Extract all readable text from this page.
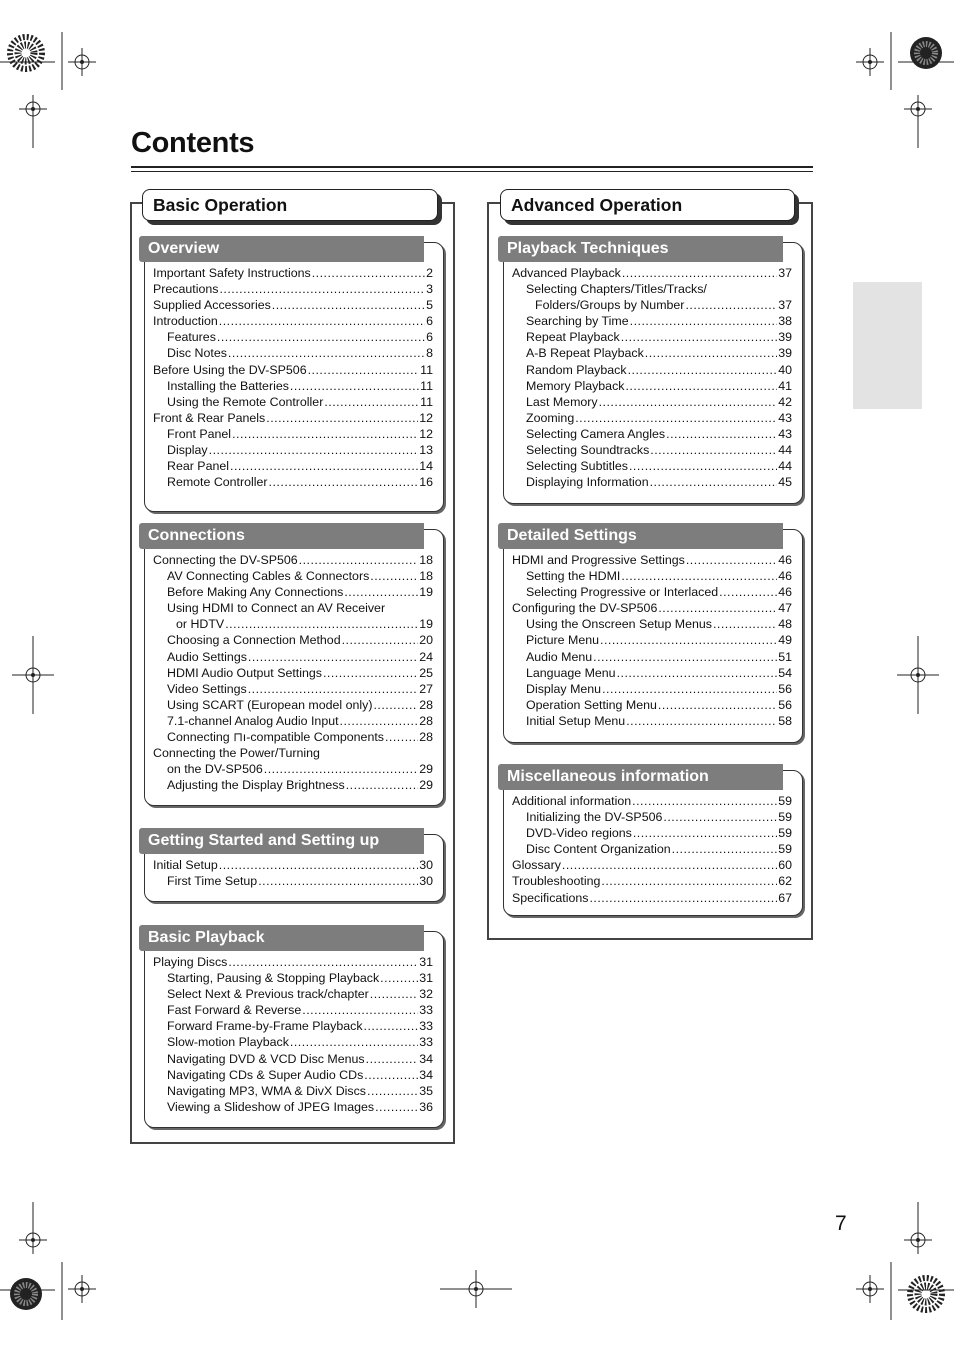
Contents
Basic Operation	Advanced Operation
Overview
Important Safety Instructions .....	2
Precautions .....	3
Supplied Accessories .....	5
Introduction .....	6
Features .....	6
Disc Notes .....	8
Before Using the DV-SP506 .....	11
Installing the Batteries .....	11
Using the Remote Controller .....	11
Front & Rear Panels .....	12
Front Panel .....	12
Display .....	13
Rear Panel .....	14
Remote Controller .....	16
Connections
Connecting the DV-SP506 .....	18
AV Connecting Cables & Connectors .....	18
Before Making Any Connections .....	19
Using HDMI to Connect an AV Receiver
or HDTV .....	19
Choosing a Connection Method .....	20
Audio Settings .....	24
HDMI Audio Output Settings .....	25
Video Settings .....	27
Using SCART (European model only) .....	28
7.1-channel Analog Audio Input .....	28
Connecting ⊓ı-compatible Components .....	28
Connecting the Power/Turning
on the DV-SP506 .....	29
Adjusting the Display Brightness .....	29
Getting Started and Setting up
Initial Setup .....	30
First Time Setup .....	30
Basic Playback
Playing Discs .....	31
Starting, Pausing & Stopping Playback .....	31
Select Next & Previous track/chapter .....	32
Fast Forward & Reverse .....	33
Forward Frame-by-Frame Playback .....	33
Slow-motion Playback .....	33
Navigating DVD & VCD Disc Menus .....	34
Navigating CDs & Super Audio CDs .....	34
Navigating MP3, WMA & DivX Discs .....	35
Viewing a Slideshow of JPEG Images .....	36
Playback Techniques
Advanced Playback .....	37
Selecting Chapters/Titles/Tracks/
Folders/Groups by Number .....	37
Searching by Time .....	38
Repeat Playback .....	39
A-B Repeat Playback .....	39
Random Playback .....	40
Memory Playback .....	41
Last Memory .....	42
Zooming .....	43
Selecting Camera Angles .....	43
Selecting Soundtracks .....	44
Selecting Subtitles .....	44
Displaying Information .....	45
Detailed Settings
HDMI and Progressive Settings .....	46
Setting the HDMI .....	46
Selecting Progressive or Interlaced .....	46
Configuring the DV-SP506 .....	47
Using the Onscreen Setup Menus .....	48
Picture Menu .....	49
Audio Menu .....	51
Language Menu .....	54
Display Menu .....	56
Operation Setting Menu .....	56
Initial Setup Menu .....	58
Miscellaneous information
Additional information .....	59
Initializing the DV-SP506 .....	59
DVD-Video regions .....	59
Disc Content Organization .....	59
Glossary .....	60
Troubleshooting .....	62
Specifications .....	67
7
